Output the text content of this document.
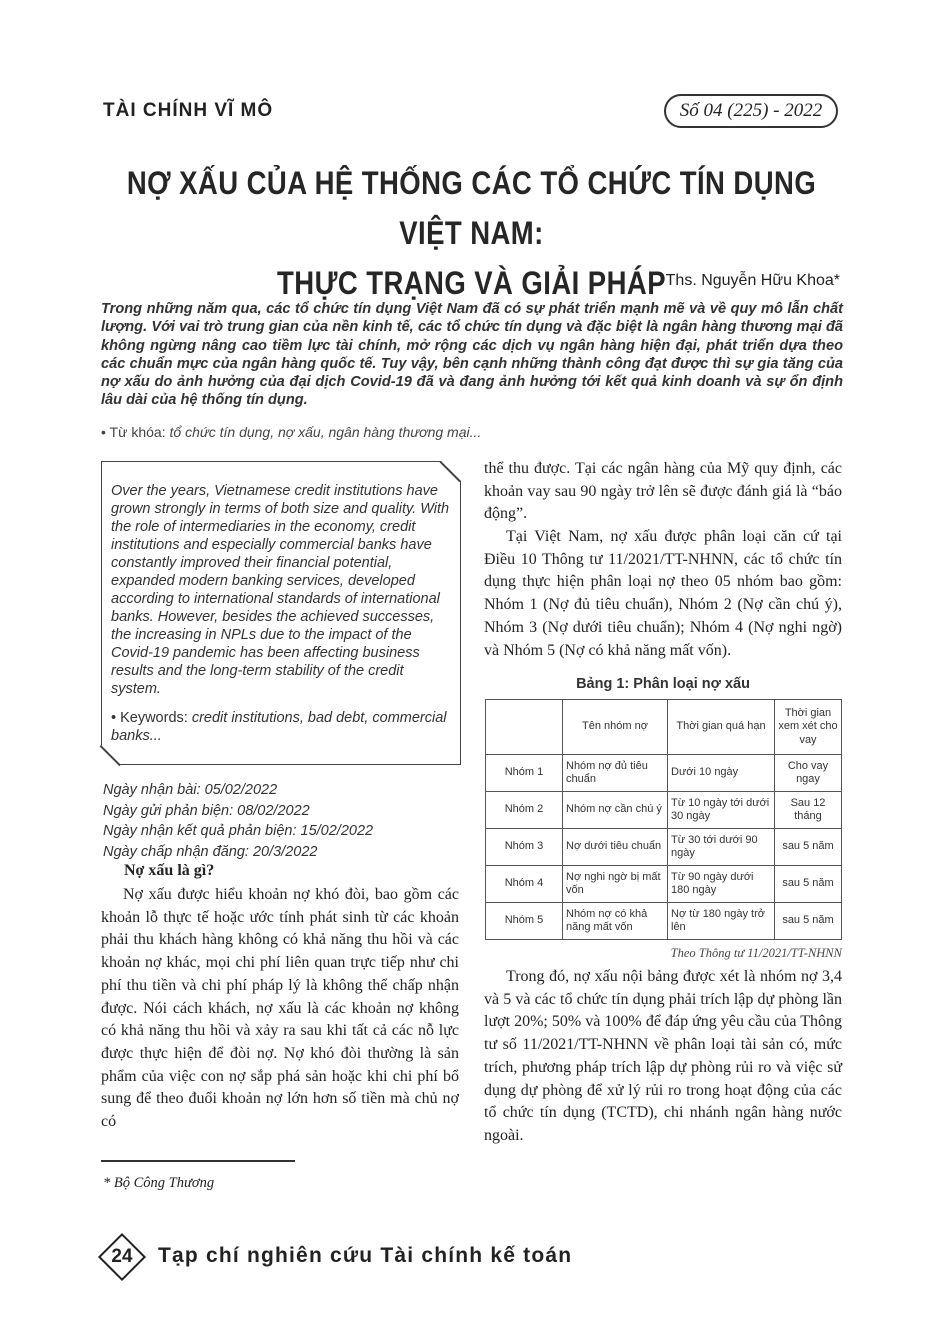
TÀI CHÍNH VĨ MÔ	Số 04 (225) - 2022
NỢ XẤU CỦA HỆ THỐNG CÁC TỔ CHỨC TÍN DỤNG VIỆT NAM:
THỰC TRẠNG VÀ GIẢI PHÁP Ths. Nguyễn Hữu Khoa*
Trong những năm qua, các tổ chức tín dụng Việt Nam đã có sự phát triển mạnh mẽ và về quy mô lẫn chất lượng. Với vai trò trung gian của nền kinh tế, các tổ chức tín dụng và đặc biệt là ngân hàng thương mại đã không ngừng nâng cao tiềm lực tài chính, mở rộng các dịch vụ ngân hàng hiện đại, phát triển dựa theo các chuẩn mực của ngân hàng quốc tế. Tuy vậy, bên cạnh những thành công đạt được thì sự gia tăng của nợ xấu do ảnh hưởng của đại dịch Covid-19 đã và đang ảnh hưởng tới kết quả kinh doanh và sự ổn định lâu dài của hệ thống tín dụng.
• Từ khóa: tổ chức tín dụng, nợ xấu, ngân hàng thương mại...
Over the years, Vietnamese credit institutions have grown strongly in terms of both size and quality. With the role of intermediaries in the economy, credit institutions and especially commercial banks have constantly improved their financial potential, expanded modern banking services, developed according to international standards of international banks. However, besides the achieved successes, the increasing in NPLs due to the impact of the Covid-19 pandemic has been affecting business results and the long-term stability of the credit system.
• Keywords: credit institutions, bad debt, commercial banks...
Ngày nhận bài: 05/02/2022
Ngày gửi phản biện: 08/02/2022
Ngày nhận kết quả phản biện: 15/02/2022
Ngày chấp nhận đăng: 20/3/2022
Nợ xấu là gì?
Nợ xấu được hiểu khoản nợ khó đòi, bao gồm các khoản lỗ thực tế hoặc ước tính phát sinh từ các khoản phải thu khách hàng không có khả năng thu hồi và các khoản nợ khác, mọi chi phí liên quan trực tiếp như chi phí thu tiền và chi phí pháp lý là không thể chấp nhận được. Nói cách khách, nợ xấu là các khoản nợ không có khả năng thu hồi và xảy ra sau khi tất cả các nỗ lực được thực hiện để đòi nợ. Nợ khó đòi thường là sản phẩm của việc con nợ sắp phá sản hoặc khi chi phí bổ sung để theo đuổi khoản nợ lớn hơn số tiền mà chủ nợ có
* Bộ Công Thương
thể thu được. Tại các ngân hàng của Mỹ quy định, các khoản vay sau 90 ngày trở lên sẽ được đánh giá là “báo động”.
Tại Việt Nam, nợ xấu được phân loại căn cứ tại Điều 10 Thông tư 11/2021/TT-NHNN, các tổ chức tín dụng thực hiện phân loại nợ theo 05 nhóm bao gồm: Nhóm 1 (Nợ đủ tiêu chuẩn), Nhóm 2 (Nợ cần chú ý), Nhóm 3 (Nợ dưới tiêu chuẩn); Nhóm 4 (Nợ nghi ngờ) và Nhóm 5 (Nợ có khả năng mất vốn).
Bảng 1: Phân loại nợ xấu
	Tên nhóm nợ	Thời gian quá hạn	Thời gian xem xét cho vay
Nhóm 1	Nhóm nợ đủ tiêu chuẩn	Dưới 10 ngày	Cho vay ngay
Nhóm 2	Nhóm nợ cần chú ý	Từ 10 ngày tới dưới 30 ngày	Sau 12 tháng
Nhóm 3	Nợ dưới tiêu chuẩn	Từ 30 tới dưới 90 ngày	sau 5 năm
Nhóm 4	Nợ nghi ngờ bị mất vốn	Từ 90 ngày dưới 180 ngày	sau 5 năm
Nhóm 5	Nhóm nợ có khả năng mất vốn	Nợ từ 180 ngày trở lên	sau 5 năm
Theo Thông tư 11/2021/TT-NHNN
Trong đó, nợ xấu nội bảng được xét là nhóm nợ 3,4 và 5 và các tổ chức tín dụng phải trích lập dự phòng lần lượt 20%; 50% và 100% để đáp ứng yêu cầu của Thông tư số 11/2021/TT-NHNN về phân loại tài sản có, mức trích, phương pháp trích lập dự phòng rủi ro và việc sử dụng dự phòng để xử lý rủi ro trong hoạt động của các tổ chức tín dụng (TCTD), chi nhánh ngân hàng nước ngoài.
24	Tạp chí nghiên cứu Tài chính kế toán
